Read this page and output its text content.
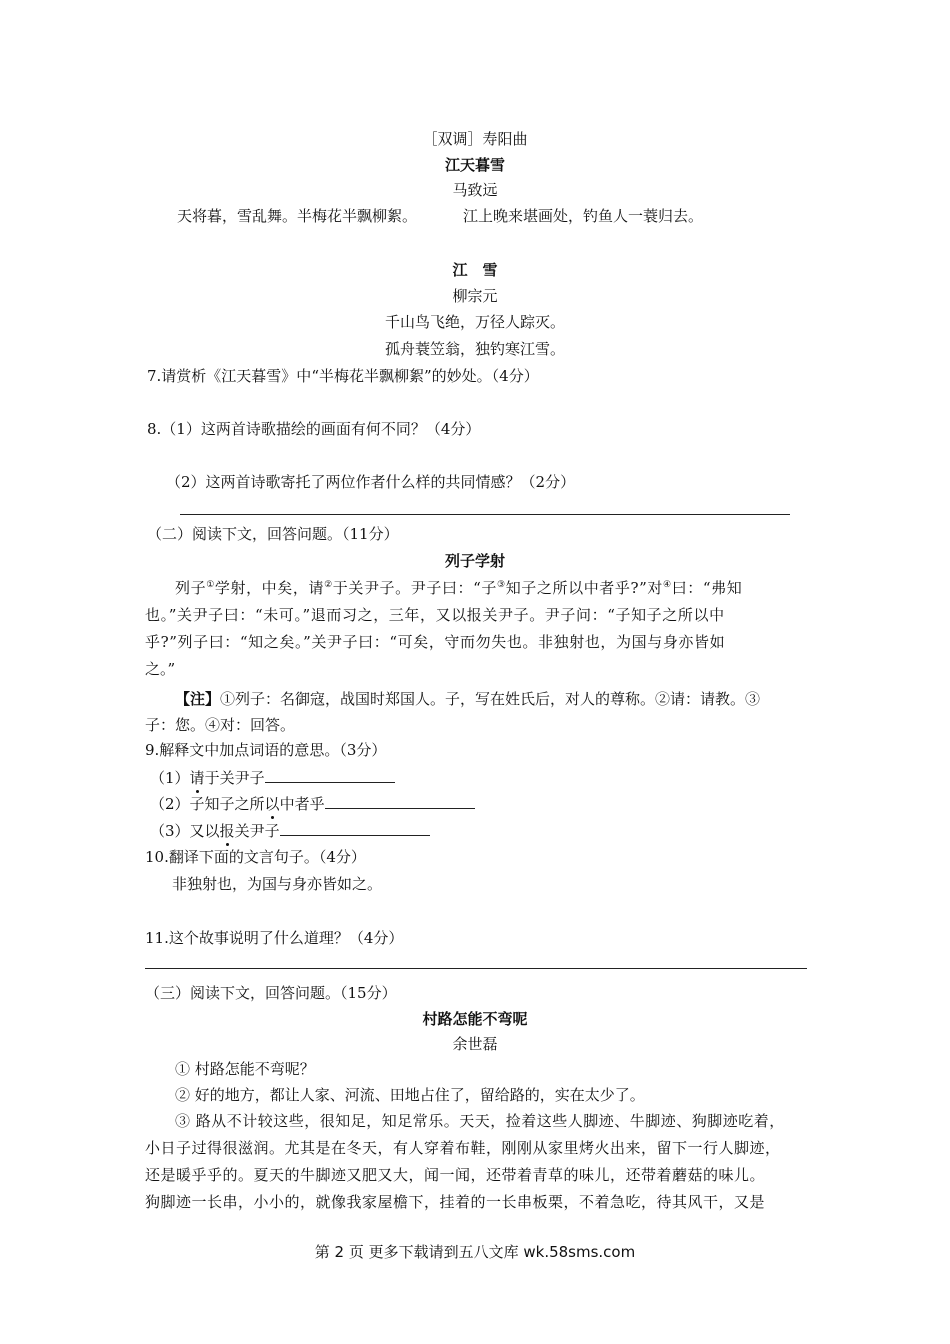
［双调］寿阳曲
江天暮雪
马致远
天将暮，雪乱舞。半梅花半飘柳絮。	江上晚来堪画处，钓鱼人一蓑归去。
江　雪
柳宗元
千山鸟飞绝，万径人踪灭。
孤舟蓑笠翁，独钓寒江雪。
7.请赏析《江天暮雪》中“半梅花半飘柳絮”的妙处。（4分）
8.（1）这两首诗歌描绘的画面有何不同？（4分）
（2）这两首诗歌寄托了两位作者什么样的共同情感？（2分）
（二）阅读下文，回答问题。（11分）
列子学射
列子①学射，中矣，请②于关尹子。尹子曰：“子③知子之所以中者乎?”对④曰：“弗知
也。”关尹子曰：“未可。”退而习之，三年，又以报关尹子。尹子问：“子知子之所以中
乎?”列子曰：“知之矣。”关尹子曰：“可矣，守而勿失也。非独射也，为国与身亦皆如
之。”
【注】①列子：名御寇，战国时郑国人。子，写在姓氏后，对人的尊称。②请：请教。③
子：您。④对：回答。
9.解释文中加点词语的意思。（3分）
（1）请于关尹子
（2）子知子之所以中者乎
（3）又以报关尹子
10.翻译下面的文言句子。（4分）
非独射也，为国与身亦皆如之。
11.这个故事说明了什么道理？（4分）
（三）阅读下文，回答问题。（15分）
村路怎能不弯呢
余世磊
① 村路怎能不弯呢？
② 好的地方，都让人家、河流、田地占住了，留给路的，实在太少了。
③ 路从不计较这些，很知足，知足常乐。天天，捡着这些人脚迹、牛脚迹、狗脚迹吃着，
小日子过得很滋润。尤其是在冬天，有人穿着布鞋，刚刚从家里烤火出来，留下一行人脚迹，
还是暖乎乎的。夏天的牛脚迹又肥又大，闻一闻，还带着青草的味儿，还带着蘑菇的味儿。
狗脚迹一长串，小小的，就像我家屋檐下，挂着的一长串板栗，不着急吃，待其风干，又是
第 2 页 更多下载请到五八文库 wk.58sms.com
